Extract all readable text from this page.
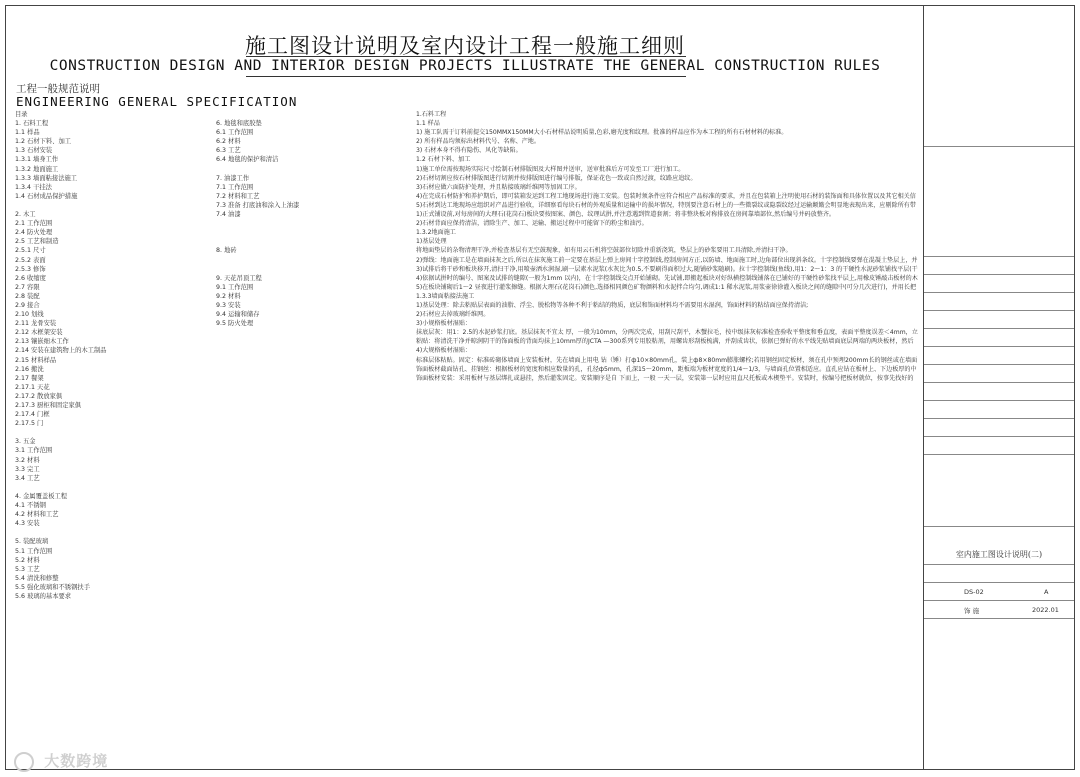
施工图设计说明及室内设计工程一般施工细则
CONSTRUCTION DESIGN AND INTERIOR DESIGN PROJECTS ILLUSTRATE THE GENERAL CONSTRUCTION RULES
工程一般规范说明
ENGINEERING GENERAL SPECIFICATION
目录
1. 石料工程
1.1 样品
1.2 石材下料、加工
1.3 石材安装
1.3.1 墙身工作
1.3.2 地面施工
1.3.3 墙面粘接法施工
1.3.4 干挂法
1.4 石材成品保护措施
2. 木工
2.1 工作范围
2.4 防火处理
2.5 工艺和制造
2.5.1 尺寸
2.5.2 表面
2.5.3 修饰
2.6 收缩度
2.7 容限
2.8 装配
2.9 接合
2.10 划线
2.11 龙骨安装
2.12 木框架安装
2.13 镶嵌细木工作
2.14 安装在建筑物上的木工制品
2.15 材料样品
2.16 搬洗
2.17 餐架
2.17.1 天花
2.17.2 散放家俱
2.17.3 厨柜和固定家俱
2.17.4 门框
2.17.5 门
3. 五金
3.1 工作范围
3.2 材料
3.3 完工
3.4 工艺
4. 金属覆盖板工程
4.1 不锈钢
4.2 材料和工艺
4.3 安装
5. 装配玻璃
5.1 工作范围
5.2 材料
5.3 工艺
5.4 清洗和修整
5.5 强化玻璃和不锈钢扶手
5.6 玻璃的基本要求
6. 地毯和底胶垫
6.1 工作范围
6.2 材料
6.3 工艺
6.4 地毯的保护和清洁
7. 油漆工作
7.1 工作范围
7.2 材料和工艺
7.3 准备 打底油和涂入上油漆
7.4 油漆
8. 地砖
9. 天花吊顶工程
9.1 工作范围
9.2 材料
9.3 安装
9.4 运输和储存
9.5 防火处理
1.石料工程
1.1 样品
1) 施工队需于订料前提交150MMX150MM大小石材样品说明质量,色彩,磨光度和纹理。批准的样品应作为本工程的所有石材材料的标准。
2) 所有样品均须标出材料代号、名称、产地。
3) 石材本身不得有隐伤、风化等缺陷。
1.2 石材下料、加工
1)施工单位需按现场实际尺寸绘制石材排版图及大样图并送审，送审批准后方可发至工厂进行加工。
2)石材切割应按石材排版图进行切割并按排版图进行编号排版，保证花色一致或自然过渡，纹路应追纹。
3)石材应做六面防护处理，并且粘接玻璃纤维网等加固工序。
4)在完成石材防护和养护期后，即可装箱发运到工程工地现场进行施工安装。包装时须条件应符合相应产品标准的要求，并且在包装箱上注明使用石材的装饰面和具体位置以及其它相关信
5)石材到达工地现场应组织对产品进行验收，详细察看每块石材的外观质量和运输中的损坏情况，特别要注意石材上的一些微裂纹或隐裂纹经过运输颠簸会明显地表现出来，应剔除所有带
1)正式铺设前,对每房间的大理石(花岗石)板块要按图案、颜色、纹理试拼,并注意遇到管道套割；将非整块板对称排放在房间靠墙部位,然后编号并码放整齐。
2)石材背面应保持清洁，清除生产、加工、运输、搬运过程中可能留下的粉尘和油污。
1.3.2地面施工
1)基层处理
将地面垫层的杂物清理干净,并检查基层有无空鼓现象，如有用云石机将空鼓部位切除并重新浇筑，垫层上的砂浆要用工具清除,并清扫干净。
2)弹线：地面施工是在墙面抹灰之后,所以在抹灰施工前一定要在基层上弹上房间十字控制线,控制房间方正,以防墙、地面施工时,边角部位出现斜条纹。十字控制线要弹在混凝土垫层上，并
3)试排后将干砂和板块移开,清扫干净,用喷壶洒水润湿,刷一层素水泥浆(水灰比为0.5,不要刷得面积过大,随铺砂浆随刷)。拉十字控制线(鱼线),用1：2～1：3 的干硬性水泥砂浆铺找平层(干
4)依据试拼时的编号、图案及试排的缝隙(一般为1mm 以内)，在十字控制线交点开始铺砌。先试铺,即搬起板块对好纵横控制线铺落在已铺好的干硬性砂浆找平层上,用橡皮锤敲击板材的木
5)在板块铺砌后1～2 昼夜进行灌浆擦缝。根据大理石(花岗石)颜色,选择相同颜色矿物颜料和水泥拌合均匀,调成1:1 稀水泥浆,用浆壶徐徐灌入板块之间的缝隙中(可分几次进行)，并用长把
1.3.3墙面粘接法施工
1)基层处理：除去粘贴层表面的油脂、浮尘、脱松物等各种不利于粘结的物质，底层和饰面材料均不需要用水湿润，饰面材料的粘结面应保持清洁;
2)石材应去掉玻璃纤维网。
3)小规格板材湿贴：
抹底层灰：用1：2.5的水泥砂浆打底。基层抹灰不宜太 厚，一般为10mm，分两次完成，用刮尺刮平，木蟹拉毛，按中级抹灰标准检查验收平整度和垂直度，表面平整度误差＜4mm，立
粘贴：将清洗干净并晾润阴干的饰面板的背面均抹上10mm厚的JCTA —300系列专用胶粘剂，用螺齿形刮板梳满，并刮成齿状，依据已弹好的水平线先贴墙面底层两端的两块板材，然后
4)大规格板材湿贴：
标准层体粘贴。固定：标准砖砌体墙面上安装板材，先在墙面上用电 钻（锤）打ф10×80mm孔，装上ф8×80mm膨胀螺栓;若用钢丝固定板材，须在孔中预埋200mm长的钢丝或在墙面
饰面板材截面钻孔、挂钢丝：根据板材的宽度和相应数量的孔，孔径ф5mm，孔深15～20mm，距板端为板材宽度的1/4～1/3，与墙面孔位置相适应。直孔应钻在板材上、下边板厚的中
饰面板材安装：采用板材与基层绑扎或悬挂，然后灌浆固定。安装顺序是自 下而上，一般 一天一层，安装第一层时应用直尺托板或木楔垫平。安装时，按编号把板材就位，按事先找好的
大数跨境
室内施工图设计说明(二)
DS-02	A
饰 施	2022.01
